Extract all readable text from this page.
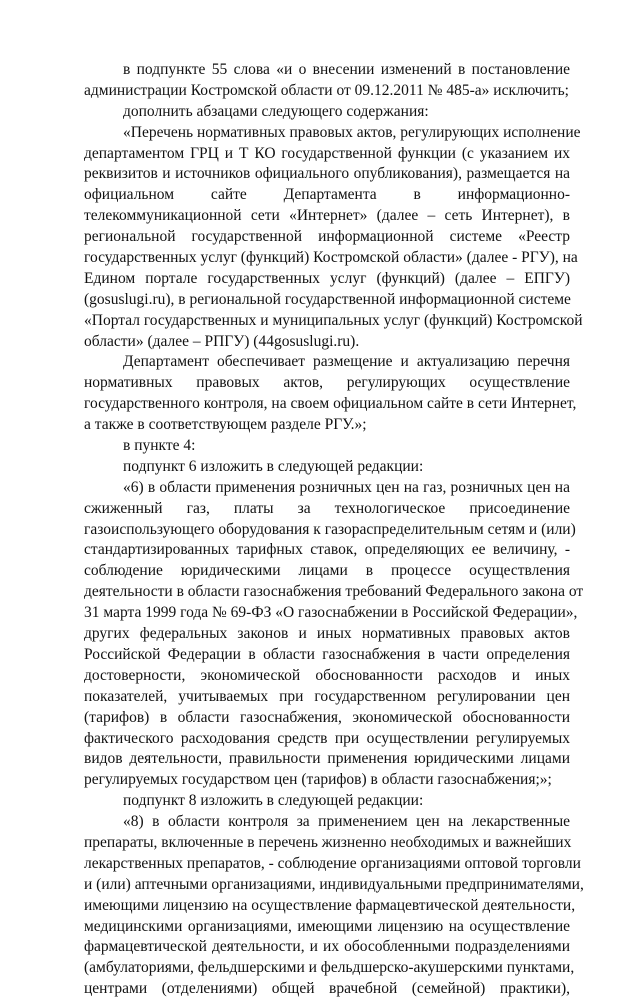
в подпункте 55 слова «и о внесении изменений в постановление
администрации Костромской области от 09.12.2011 № 485-а» исключить;
дополнить абзацами следующего содержания:
«Перечень нормативных правовых актов, регулирующих исполнение
департаментом ГРЦ и Т КО государственной функции (с указанием их
реквизитов и источников официального опубликования), размещается на
официальном сайте Департамента в информационно-
телекоммуникационной сети «Интернет» (далее – сеть Интернет), в
региональной государственной информационной системе «Реестр
государственных услуг (функций) Костромской области» (далее - РГУ), на
Едином портале государственных услуг (функций) (далее – ЕПГУ)
(gosuslugi.ru), в региональной государственной информационной системе
«Портал государственных и муниципальных услуг (функций) Костромской
области» (далее – РПГУ) (44gosuslugi.ru).
Департамент обеспечивает размещение и актуализацию перечня
нормативных правовых актов, регулирующих осуществление
государственного контроля, на своем официальном сайте в сети Интернет,
а также в соответствующем разделе РГУ.»;
в пункте 4:
подпункт 6 изложить в следующей редакции:
«6) в области применения розничных цен на газ, розничных цен на
сжиженный газ, платы за технологическое присоединение
газоиспользующего оборудования к газораспределительным сетям и (или)
стандартизированных тарифных ставок, определяющих ее величину, -
соблюдение юридическими лицами в процессе осуществления
деятельности в области газоснабжения требований Федерального закона от
31 марта 1999 года № 69-ФЗ «О газоснабжении в Российской Федерации»,
других федеральных законов и иных нормативных правовых актов
Российской Федерации в области газоснабжения в части определения
достоверности, экономической обоснованности расходов и иных
показателей, учитываемых при государственном регулировании цен
(тарифов) в области газоснабжения, экономической обоснованности
фактического расходования средств при осуществлении регулируемых
видов деятельности, правильности применения юридическими лицами
регулируемых государством цен (тарифов) в области газоснабжения;»;
подпункт 8 изложить в следующей редакции:
«8) в области контроля за применением цен на лекарственные
препараты, включенные в перечень жизненно необходимых и важнейших
лекарственных препаратов, - соблюдение организациями оптовой торговли
и (или) аптечными организациями, индивидуальными предпринимателями,
имеющими лицензию на осуществление фармацевтической деятельности,
медицинскими организациями, имеющими лицензию на осуществление
фармацевтической деятельности, и их обособленными подразделениями
(амбулаториями, фельдшерскими и фельдшерско-акушерскими пунктами,
центрами (отделениями) общей врачебной (семейной) практики),
